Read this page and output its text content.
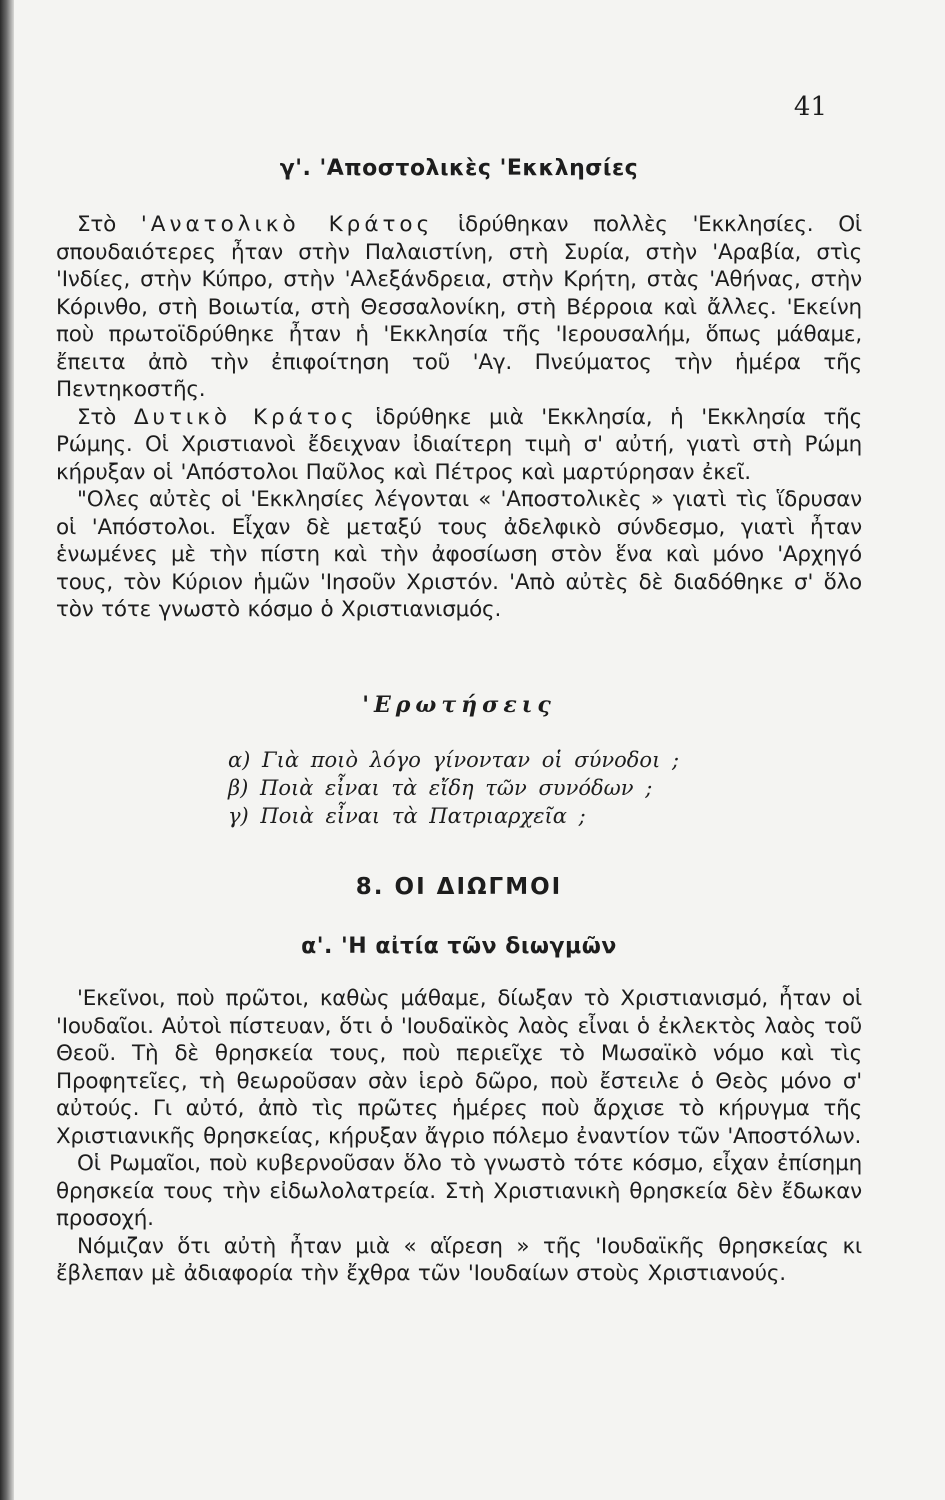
41
γ'. 'Αποστολικὲς 'Εκκλησίες

Στὸ 'Ανατολικὸ Κράτος ἱδρύθηκαν πολλὲς 'Εκκλησίες. Οἱ σπουδαιότερες ἦταν στὴν Παλαιστίνη, στὴ Συρία, στὴν 'Αραβία, στὶς 'Ινδίες, στὴν Κύπρο, στὴν 'Αλεξάνδρεια, στὴν Κρήτη, στὰς 'Αθήνας, στὴν Κόρινθο, στὴ Βοιωτία, στὴ Θεσσαλονίκη, στὴ Βέρροια καὶ ἄλλες. 'Εκείνη ποὺ πρωτοϊδρύθηκε ἦταν ἡ 'Εκκλησία τῆς 'Ιερουσαλήμ, ὅπως μάθαμε, ἔπειτα ἀπὸ τὴν ἐπιφοίτηση τοῦ 'Αγ. Πνεύματος τὴν ἡμέρα τῆς Πεντηκοστῆς.

Στὸ Δυτικὸ Κράτος ἱδρύθηκε μιὰ 'Εκκλησία, ἡ 'Εκκλησία τῆς Ρώμης. Οἱ Χριστιανοὶ ἔδειχναν ἰδιαίτερη τιμὴ σ' αὐτή, γιατὶ στὴ Ρώμη κήρυξαν οἱ 'Απόστολοι Παῦλος καὶ Πέτρος καὶ μαρτύρησαν ἐκεῖ.

"Ολες αὐτὲς οἱ 'Εκκλησίες λέγονται « 'Αποστολικὲς » γιατὶ τὶς ἵδρυσαν οἱ 'Απόστολοι. Εἶχαν δὲ μεταξύ τους ἀδελφικὸ σύνδεσμο, γιατὶ ἦταν ἑνωμένες μὲ τὴν πίστη καὶ τὴν ἀφοσίωση στὸν ἕνα καὶ μόνο 'Αρχηγό τους, τὸν Κύριον ἡμῶν 'Ιησοῦν Χριστόν. 'Απὸ αὐτὲς δὲ διαδόθηκε σ' ὅλο τὸν τότε γνωστὸ κόσμο ὁ Χριστιανισμός.

'Ερωτήσεις
α) Γιὰ ποιὸ λόγο γίνονταν οἱ σύνοδοι ;
β) Ποιὰ εἶναι τὰ εἴδη τῶν συνόδων ;
γ) Ποιὰ εἶναι τὰ Πατριαρχεῖα ;
8. ΟΙ ΔΙΩΓΜΟΙ
α'. 'Η αἰτία τῶν διωγμῶν

'Εκεῖνοι, ποὺ πρῶτοι, καθὼς μάθαμε, δίωξαν τὸ Χριστιανισμό, ἦταν οἱ 'Ιουδαῖοι. Αὐτοὶ πίστευαν, ὅτι ὁ 'Ιουδαϊκὸς λαὸς εἶναι ὁ ἐκλεκτὸς λαὸς τοῦ Θεοῦ. Τὴ δὲ θρησκεία τους, ποὺ περιεῖχε τὸ Μωσαϊκὸ νόμο καὶ τὶς Προφητεῖες, τὴ θεωροῦσαν σὰν ἱερὸ δῶρο, ποὺ ἔστειλε ὁ Θεὸς μόνο σ' αὐτούς. Γι αὐτό, ἀπὸ τὶς πρῶτες ἡμέρες ποὺ ἄρχισε τὸ κήρυγμα τῆς Χριστιανικῆς θρησκείας, κήρυξαν ἄγριο πόλεμο ἐναντίον τῶν 'Αποστόλων.

Οἱ Ρωμαῖοι, ποὺ κυβερνοῦσαν ὅλο τὸ γνωστὸ τότε κόσμο, εἶχαν ἐπίσημη θρησκεία τους τὴν εἰδωλολατρεία. Στὴ Χριστιανικὴ θρησκεία δὲν ἔδωκαν προσοχή.

Νόμιζαν ὅτι αὐτὴ ἦταν μιὰ « αἵρεση » τῆς 'Ιουδαϊκῆς θρησκείας κι ἔβλεπαν μὲ ἀδιαφορία τὴν ἔχθρα τῶν 'Ιουδαίων στοὺς Χριστιανούς.
